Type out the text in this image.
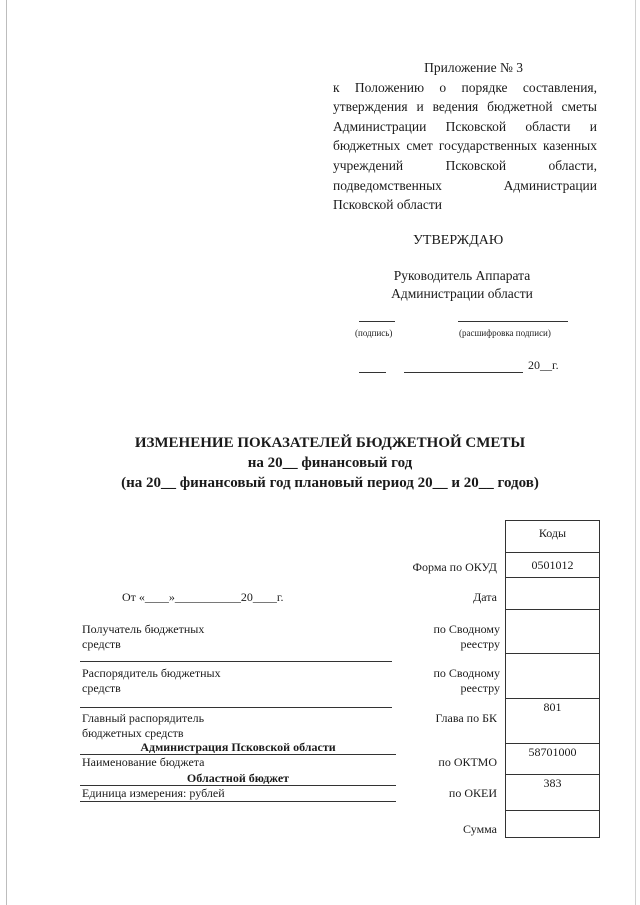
Приложение № 3
к Положению о порядке составления, утверждения и ведения бюджетной сметы Администрации Псковской области и бюджетных смет государственных казенных учреждений Псковской области, подведомственных Администрации Псковской области
УТВЕРЖДАЮ
Руководитель Аппарата
Администрации области
(подпись)	(расшифровка подписи)
20__г.
ИЗМЕНЕНИЕ ПОКАЗАТЕЛЕЙ БЮДЖЕТНОЙ СМЕТЫ
на 20__ финансовый год
(на 20__ финансовый год плановый период 20__ и 20__ годов)
От «____»___________20____г.
Получатель бюджетных средств
Распорядитель бюджетных средств
Главный распорядитель бюджетных средств
Администрация Псковской области
Наименование бюджета
Областной бюджет
Единица измерения: рублей
Форма по ОКУД
Дата
по Сводному реестру
по Сводному реестру
Глава по БК
по ОКТМО
по ОКЕИ
Сумма
Коды
0501012
801
58701000
383
